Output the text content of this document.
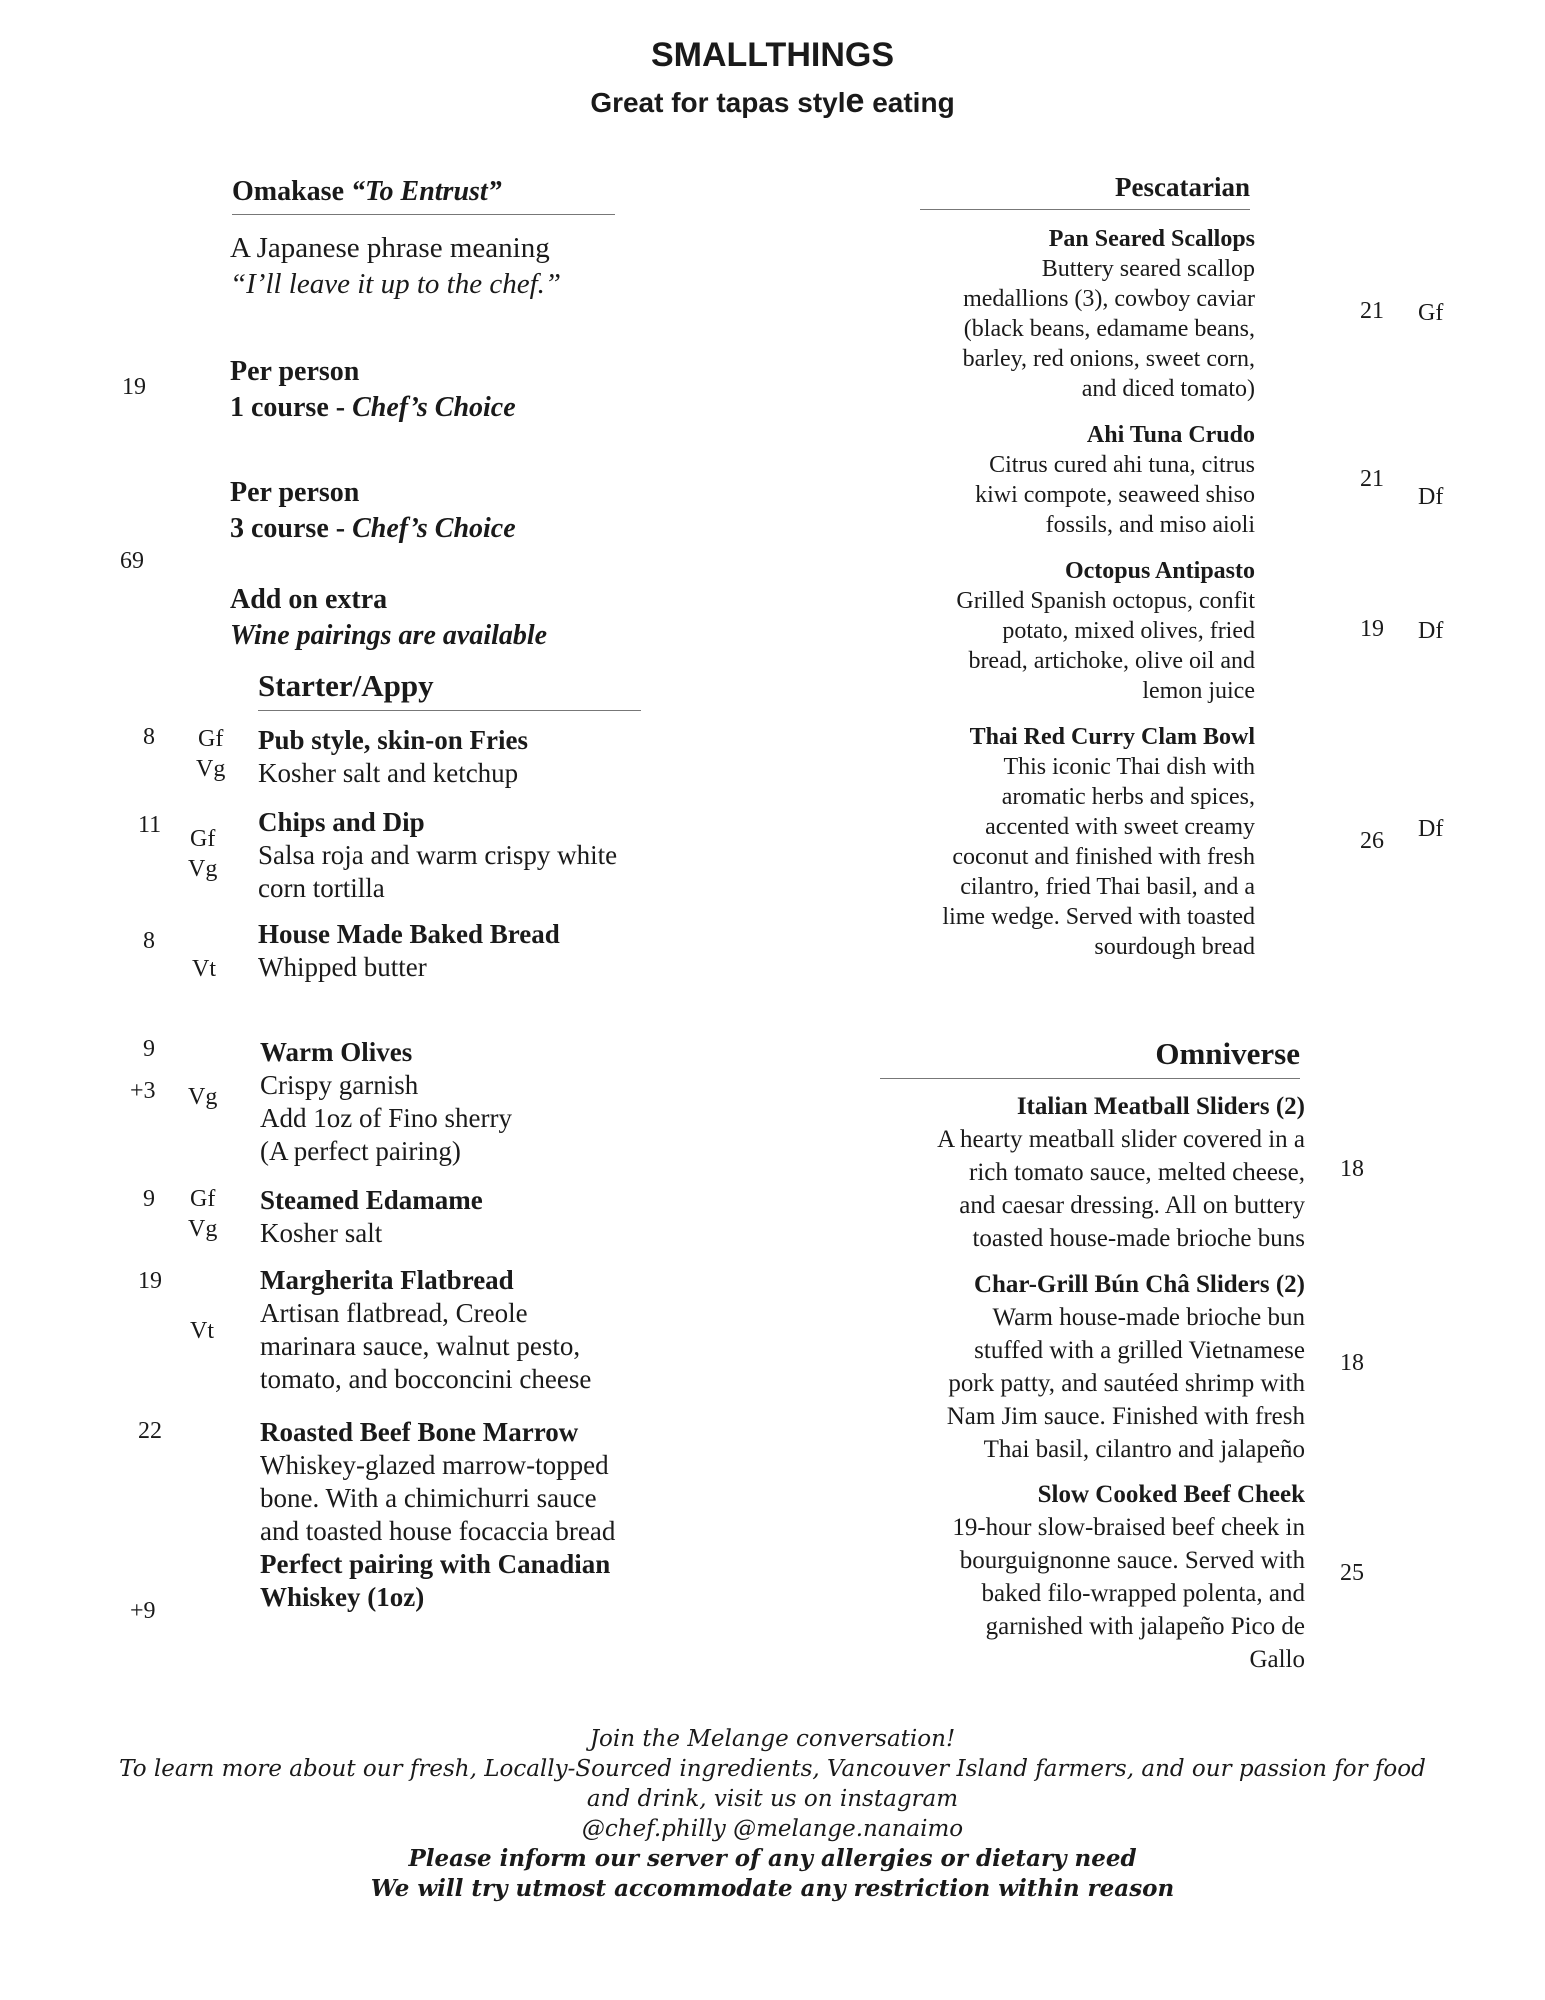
SMALLTHINGS
Great for tapas style eating
Omakase “To Entrust”
A Japanese phrase meaning
“I’ll leave it up to the chef.”
19	Per person
1 course - Chef’s Choice
Per person
3 course - Chef’s Choice
69
Add on extra
Wine pairings are available
Starter/Appy
8 Gf
Vg
Pub style, skin-on Fries
Kosher salt and ketchup
11
Gf
Vg
Chips and Dip
Salsa roja and warm crispy white
corn tortilla
8
Vt
House Made Baked Bread
Whipped butter
9
+3 Vg
Warm Olives
Crispy garnish
Add 1oz of Fino sherry
(A perfect pairing)
9 Gf
Vg
Steamed Edamame
Kosher salt
19
Vt
Margherita Flatbread
Artisan flatbread, Creole
marinara sauce, walnut pesto,
tomato, and bocconcini cheese
22
+9
Roasted Beef Bone Marrow
Whiskey-glazed marrow-topped
bone. With a chimichurri sauce
and toasted house focaccia bread
Perfect pairing with Canadian
Whiskey (1oz)
Pescatarian
Pan Seared Scallops
Buttery seared scallop
medallions (3), cowboy caviar
(black beans, edamame beans,
barley, red onions, sweet corn,
and diced tomato)
21 Gf
Ahi Tuna Crudo
Citrus cured ahi tuna, citrus
kiwi compote, seaweed shiso
fossils, and miso aioli
21
Df
Octopus Antipasto
Grilled Spanish octopus, confit
potato, mixed olives, fried
bread, artichoke, olive oil and
lemon juice
19 Df
Thai Red Curry Clam Bowl
This iconic Thai dish with
aromatic herbs and spices,
accented with sweet creamy
coconut and finished with fresh
cilantro, fried Thai basil, and a
lime wedge. Served with toasted
sourdough bread
26 Df
Omniverse
Italian Meatball Sliders (2)
A hearty meatball slider covered in a
rich tomato sauce, melted cheese,
and caesar dressing. All on buttery
toasted house-made brioche buns
18
Char-Grill Bún Châ Sliders (2)
Warm house-made brioche bun
stuffed with a grilled Vietnamese
pork patty, and sautéed shrimp with
Nam Jim sauce. Finished with fresh
Thai basil, cilantro and jalapeño
18
Slow Cooked Beef Cheek
19-hour slow-braised beef cheek in
bourguignonne sauce. Served with
baked filo-wrapped polenta, and
garnished with jalapeño Pico de
Gallo
25
Join the Melange conversation!
To learn more about our fresh, Locally-Sourced ingredients, Vancouver Island farmers, and our passion for food
and drink, visit us on instagram
@chef.philly @melange.nanaimo
Please inform our server of any allergies or dietary need
We will try utmost accommodate any restriction within reason
